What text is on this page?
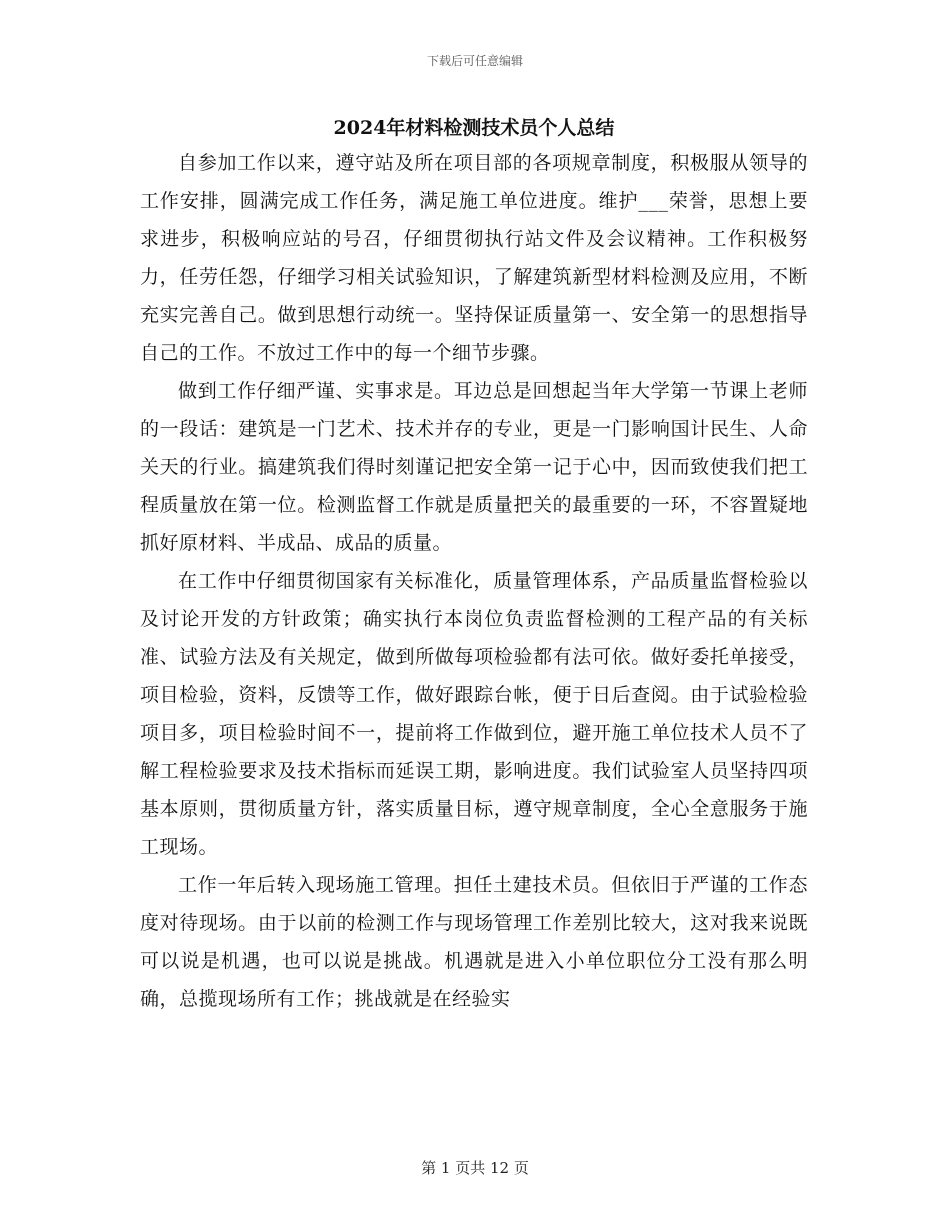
下载后可任意编辑
2024年材料检测技术员个人总结

自参加工作以来，遵守站及所在项目部的各项规章制度，积极服从领导的工作安排，圆满完成工作任务，满足施工单位进度。维护___荣誉，思想上要求进步，积极响应站的号召，仔细贯彻执行站文件及会议精神。工作积极努力，任劳任怨，仔细学习相关试验知识，了解建筑新型材料检测及应用，不断充实完善自己。做到思想行动统一。坚持保证质量第一、安全第一的思想指导自己的工作。不放过工作中的每一个细节步骤。

做到工作仔细严谨、实事求是。耳边总是回想起当年大学第一节课上老师的一段话：建筑是一门艺术、技术并存的专业，更是一门影响国计民生、人命关天的行业。搞建筑我们得时刻谨记把安全第一记于心中，因而致使我们把工程质量放在第一位。检测监督工作就是质量把关的最重要的一环，不容置疑地抓好原材料、半成品、成品的质量。

在工作中仔细贯彻国家有关标准化，质量管理体系，产品质量监督检验以及讨论开发的方针政策；确实执行本岗位负责监督检测的工程产品的有关标准、试验方法及有关规定，做到所做每项检验都有法可依。做好委托单接受，项目检验，资料，反馈等工作，做好跟踪台帐，便于日后查阅。由于试验检验项目多，项目检验时间不一，提前将工作做到位，避开施工单位技术人员不了解工程检验要求及技术指标而延误工期，影响进度。我们试验室人员坚持四项基本原则，贯彻质量方针，落实质量目标，遵守规章制度，全心全意服务于施工现场。

工作一年后转入现场施工管理。担任土建技术员。但依旧于严谨的工作态度对待现场。由于以前的检测工作与现场管理工作差别比较大，这对我来说既可以说是机遇，也可以说是挑战。机遇就是进入小单位职位分工没有那么明确，总揽现场所有工作；挑战就是在经验实

第 1 页共 12 页
